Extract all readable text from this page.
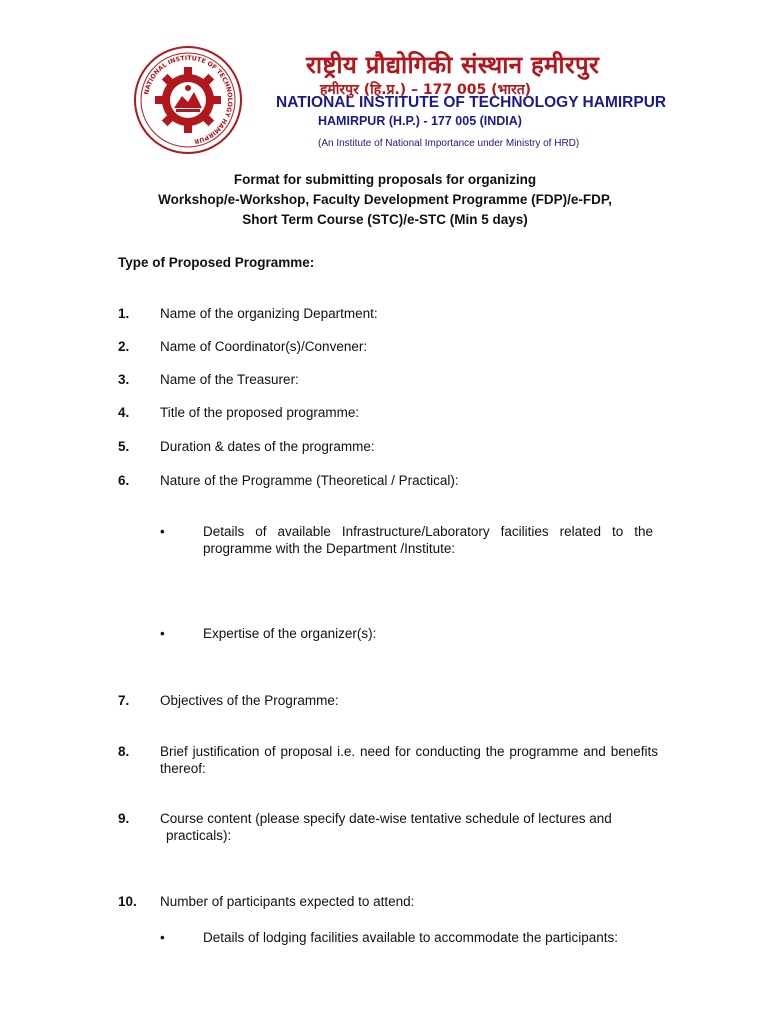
NATIONAL INSTITUTE OF TECHNOLOGY HAMIRPUR
राष्ट्रीय प्रौद्योगिकी संस्थान हमीरपुर
हमीरपुर (हि.प्र.) – 177 005 (भारत)
NATIONAL INSTITUTE OF TECHNOLOGY HAMIRPUR
HAMIRPUR (H.P.) - 177 005 (INDIA)
(An Institute of National Importance under Ministry of HRD)
Format for submitting proposals for organizing
Workshop/e-Workshop, Faculty Development Programme (FDP)/e-FDP,
Short Term Course (STC)/e-STC (Min 5 days)
Type of Proposed Programme:
1. Name of the organizing Department:
2. Name of Coordinator(s)/Convener:
3. Name of the Treasurer:
4. Title of the proposed programme:
5. Duration & dates of the programme:
6. Nature of the Programme (Theoretical / Practical):
•	Details of available Infrastructure/Laboratory facilities related to the programme with the Department /Institute:
•	Expertise of the organizer(s):
7. Objectives of the Programme:
8. Brief justification of proposal i.e. need for conducting the programme and benefits thereof:
9. Course content (please specify date-wise tentative schedule of lectures and
practicals):
10. Number of participants expected to attend:
•	Details of lodging facilities available to accommodate the participants:
